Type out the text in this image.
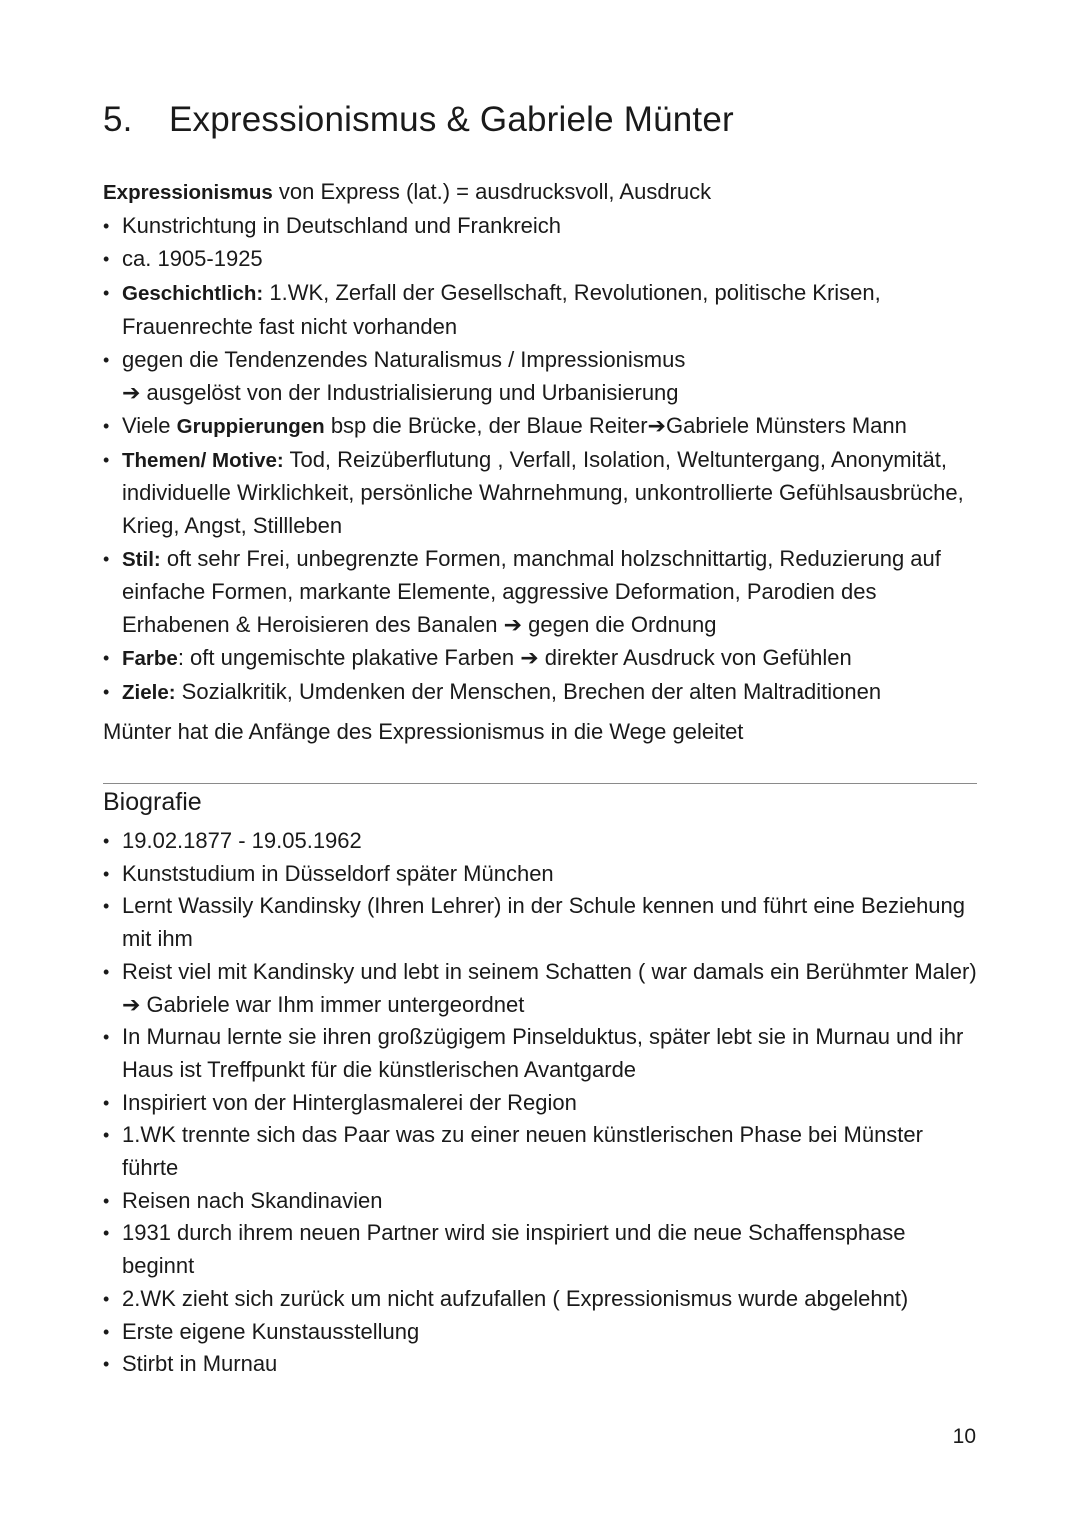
5. Expressionismus & Gabriele Münter

Expressionismus von Express (lat.) = ausdrucksvoll, Ausdruck

• Kunstrichtung in Deutschland und Frankreich
• ca. 1905-1925
• Geschichtlich: 1.WK, Zerfall der Gesellschaft, Revolutionen, politische Krisen, Frauenrechte fast nicht vorhanden
• gegen die Tendenzendes Naturalismus / Impressionismus
➔ ausgelöst von der Industrialisierung und Urbanisierung
• Viele Gruppierungen bsp die Brücke, der Blaue Reiter➔Gabriele Münsters Mann
• Themen/ Motive: Tod, Reizüberflutung , Verfall, Isolation, Weltuntergang, Anonymität, individuelle Wirklichkeit, persönliche Wahrnehmung, unkontrollierte Gefühlsausbrüche, Krieg, Angst, Stillleben
• Stil: oft sehr Frei, unbegrenzte Formen, manchmal holzschnittartig, Reduzierung auf einfache Formen, markante Elemente, aggressive Deformation, Parodien des Erhabenen & Heroisieren des Banalen ➔ gegen die Ordnung
• Farbe: oft ungemischte plakative Farben ➔ direkter Ausdruck von Gefühlen
• Ziele: Sozialkritik, Umdenken der Menschen, Brechen der alten Maltraditionen

Münter hat die Anfänge des Expressionismus in die Wege geleitet

Biografie
• 19.02.1877 - 19.05.1962
• Kunststudium in Düsseldorf später München
• Lernt Wassily Kandinsky (Ihren Lehrer) in der Schule kennen und führt eine Beziehung mit ihm
• Reist viel mit Kandinsky und lebt in seinem Schatten ( war damals ein Berühmter Maler) ➔ Gabriele war Ihm immer untergeordnet
• In Murnau lernte sie ihren großzügigem Pinselduktus, später lebt sie in Murnau und ihr Haus ist Treffpunkt für die künstlerischen Avantgarde
• Inspiriert von der Hinterglasmalerei der Region
• 1.WK trennte sich das Paar was zu einer neuen künstlerischen Phase bei Münster führte
• Reisen nach Skandinavien
• 1931 durch ihrem neuen Partner wird sie inspiriert und die neue Schaffensphase beginnt
• 2.WK zieht sich zurück um nicht aufzufallen ( Expressionismus wurde abgelehnt)
• Erste eigene Kunstausstellung
• Stirbt in Murnau
10
